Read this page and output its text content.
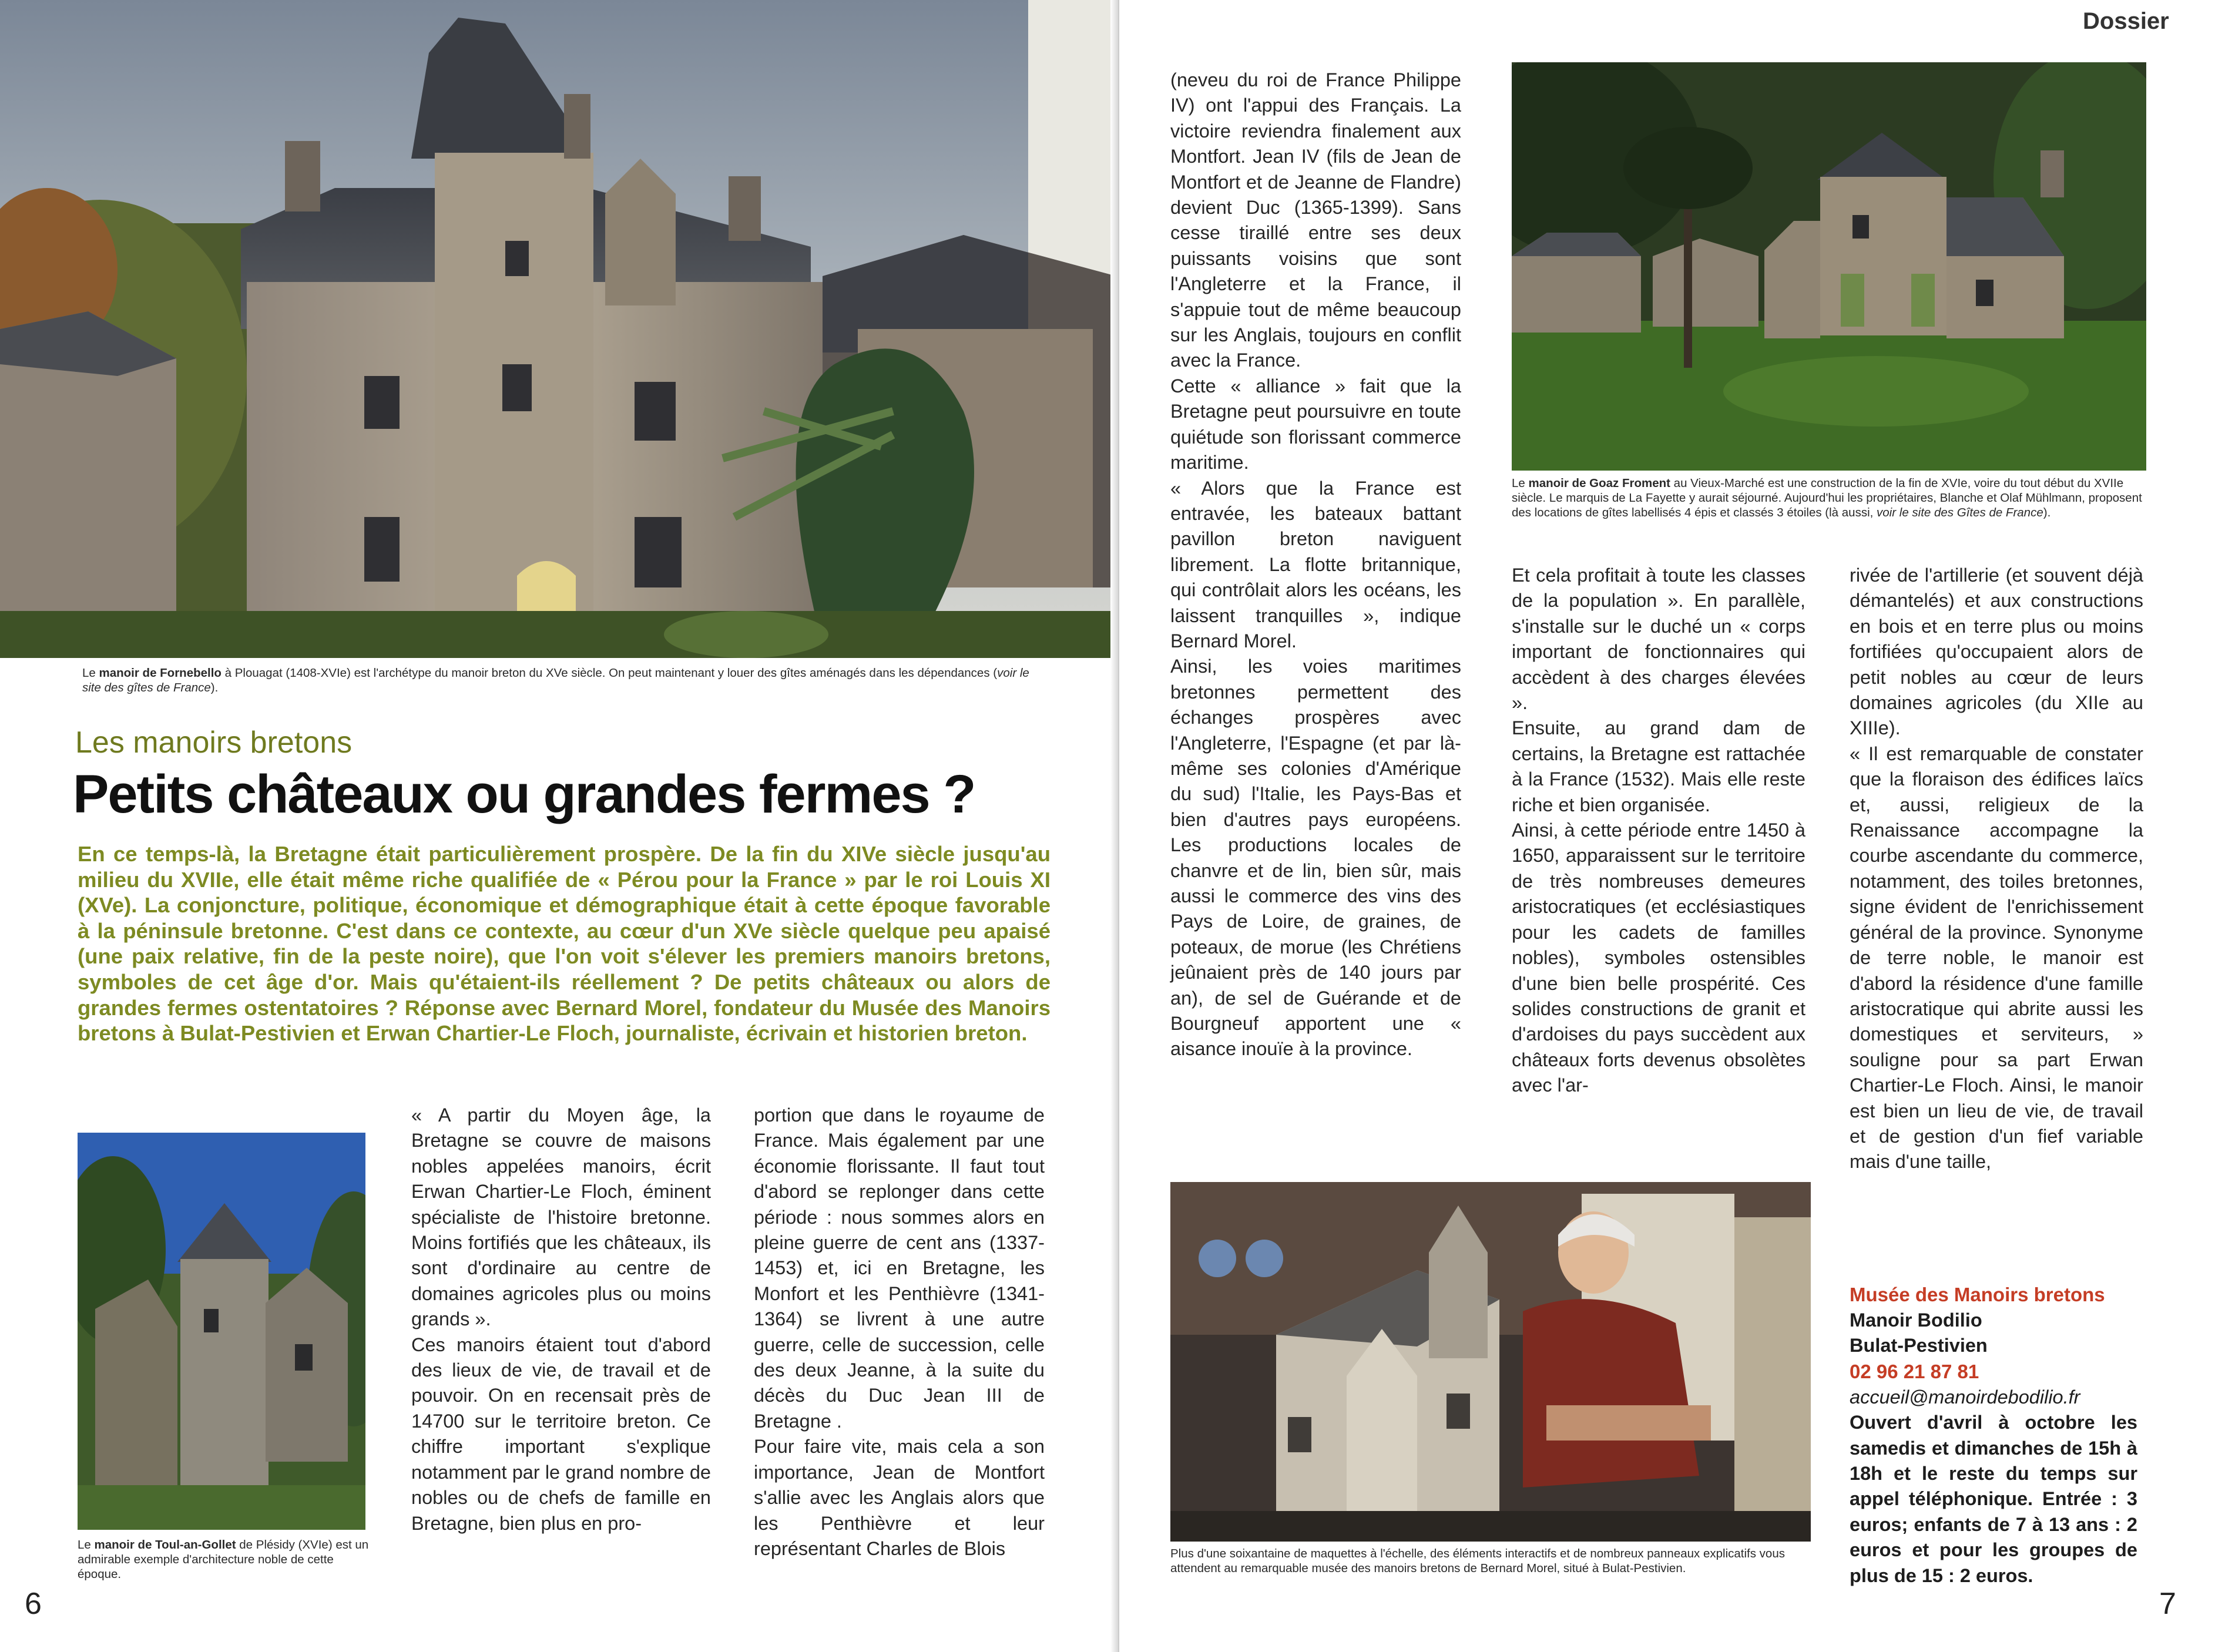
Le manoir de Fornebello à Plouagat (1408-XVIe) est l'archétype du manoir breton du XVe siècle. On peut maintenant y louer des gîtes aménagés dans les dépendances (voir le site des gîtes de France).
Les manoirs bretons
Petits châteaux ou grandes fermes ?
En ce temps-là, la Bretagne était particulièrement prospère. De la fin du XIVe siècle jusqu'au milieu du XVIIe, elle était même riche qualifiée de « Pérou pour la France » par le roi Louis XI (XVe). La conjoncture, politique, économique et démographique était à cette époque favorable à la péninsule bretonne. C'est dans ce contexte, au cœur d'un XVe siècle quelque peu apaisé (une paix relative, fin de la peste noire), que l'on voit s'élever les premiers manoirs bretons, symboles de cet âge d'or. Mais qu'étaient-ils réellement ? De petits châteaux ou alors de grandes fermes ostentatoires ? Réponse avec Bernard Morel, fondateur du Musée des Manoirs bretons à Bulat-Pestivien et Erwan Chartier-Le Floch, journaliste, écrivain et historien breton.
Le manoir de Toul-an-Gollet de Plésidy (XVIe) est un admirable exemple d'architecture noble de cette époque.

« A partir du Moyen âge, la Bretagne se couvre de maisons nobles appelées manoirs, écrit Erwan Chartier-Le Floch, éminent spécialiste de l'histoire bretonne. Moins fortifiés que les châteaux, ils sont d'ordinaire au centre de domaines agricoles plus ou moins grands ».

Ces manoirs étaient tout d'abord des lieux de vie, de travail et de pouvoir. On en recensait près de 14700 sur le territoire breton. Ce chiffre important s'explique notamment par le grand nombre de nobles ou de chefs de famille en Bretagne, bien plus en pro-

portion que dans le royaume de France. Mais également par une économie florissante. Il faut tout d'abord se replonger dans cette période : nous sommes alors en pleine guerre de cent ans (1337-1453) et, ici en Bretagne, les Monfort et les Penthièvre (1341-1364) se livrent à une autre guerre, celle de succession, celle des deux Jeanne, à la suite du décès du Duc Jean III de Bretagne .

Pour faire vite, mais cela a son importance, Jean de Montfort s'allie avec les Anglais alors que les Penthièvre et leur représentant Charles de Blois

6
Dossier

(neveu du roi de France Philippe IV) ont l'appui des Français. La victoire reviendra finalement aux Montfort. Jean IV (fils de Jean de Montfort et de Jeanne de Flandre) devient Duc (1365-1399). Sans cesse tiraillé entre ses deux puissants voisins que sont l'Angleterre et la France, il s'appuie tout de même beaucoup sur les Anglais, toujours en conflit avec la France.

Cette « alliance » fait que la Bretagne peut poursuivre en toute quiétude son florissant commerce maritime.

« Alors que la France est entravée, les bateaux battant pavillon breton naviguent librement. La flotte britannique, qui contrôlait alors les océans, les laissent tranquilles », indique Bernard Morel.

Ainsi, les voies maritimes bretonnes permettent des échanges prospères avec l'Angleterre, l'Espagne (et par là-même ses colonies d'Amérique du sud) l'Italie, les Pays-Bas et bien d'autres pays européens. Les productions locales de chanvre et de lin, bien sûr, mais aussi le commerce des vins des Pays de Loire, de graines, de poteaux, de morue (les Chrétiens jeûnaient près de 140 jours par an), de sel de Guérande et de Bourgneuf apportent une « aisance inouïe à la province.

Le manoir de Goaz Froment au Vieux-Marché est une construction de la fin de XVIe, voire du tout début du XVIIe siècle. Le marquis de La Fayette y aurait séjourné. Aujourd'hui les propriétaires, Blanche et Olaf Mühlmann, proposent des locations de gîtes labellisés 4 épis et classés 3 étoiles (là aussi, voir le site des Gîtes de France).

Et cela profitait à toute les classes de la population ». En parallèle, s'installe sur le duché un « corps important de fonctionnaires qui accèdent à des charges élevées ».

Ensuite, au grand dam de certains, la Bretagne est rattachée à la France (1532). Mais elle reste riche et bien organisée.

Ainsi, à cette période entre 1450 à 1650, apparaissent sur le territoire de très nombreuses demeures aristocratiques (et ecclésiastiques pour les cadets de familles nobles), symboles ostensibles d'une bien belle prospérité. Ces solides constructions de granit et d'ardoises du pays succèdent aux châteaux forts devenus obsolètes avec l'ar-

rivée de l'artillerie (et souvent déjà démantelés) et aux constructions en bois et en terre plus ou moins fortifiées qu'occupaient alors de petit nobles au cœur de leurs domaines agricoles (du XIIe au XIIIe).

« Il est remarquable de constater que la floraison des édifices laïcs et, aussi, religieux de la Renaissance accompagne la courbe ascendante du commerce, notamment, des toiles bretonnes, signe évident de l'enrichissement général de la province. Synonyme de terre noble, le manoir est d'abord la résidence d'une famille aristocratique qui abrite aussi les domestiques et serviteurs, » souligne pour sa part Erwan Chartier-Le Floch. Ainsi, le manoir est bien un lieu de vie, de travail et de gestion d'un fief variable mais d'une taille,

Plus d'une soixantaine de maquettes à l'échelle, des éléments interactifs et de nombreux panneaux explicatifs vous attendent au remarquable musée des manoirs bretons de Bernard Morel, situé à Bulat-Pestivien.
Musée des Manoirs bretons
Manoir Bodilio
Bulat-Pestivien
02 96 21 87 81
accueil@manoirdebodilio.fr
Ouvert d'avril à octobre les samedis et dimanches de 15h à 18h et le reste du temps sur appel téléphonique. Entrée : 3 euros; enfants de 7 à 13 ans : 2 euros et pour les groupes de plus de 15 : 2 euros.
7
